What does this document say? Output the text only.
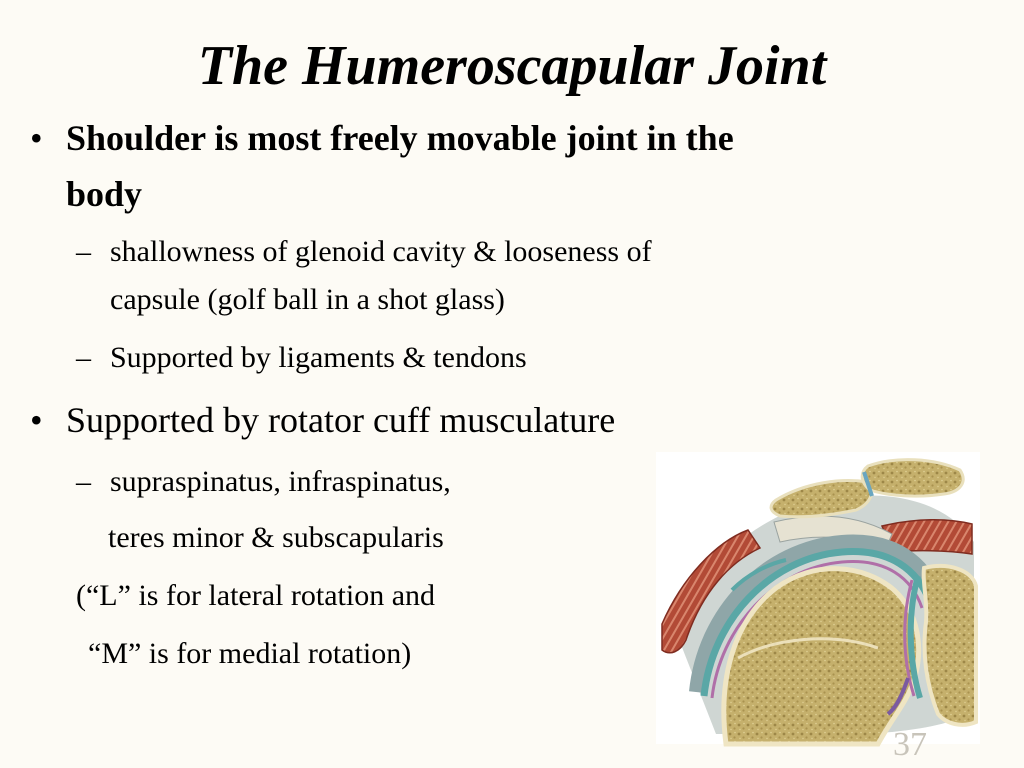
The Humeroscapular Joint
• Shoulder is most freely movable joint in the
body
– shallowness of glenoid cavity & looseness of
capsule (golf ball in a shot glass)
– Supported by ligaments & tendons
• Supported by rotator cuff musculature
– supraspinatus, infraspinatus,
teres minor & subscapularis
(“L” is for lateral rotation and
“M” is for medial rotation)
37
